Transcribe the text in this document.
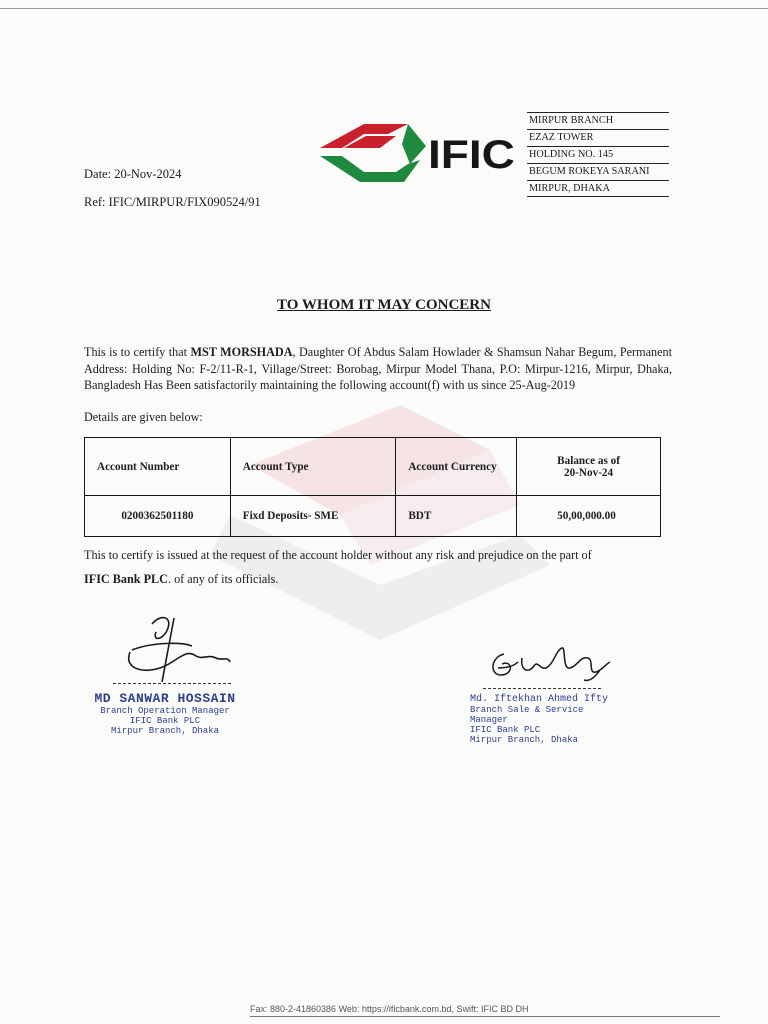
IFIC
MIRPUR BRANCH
EZAZ TOWER
HOLDING NO. 145
BEGUM ROKEYA SARANI
MIRPUR, DHAKA
Date: 20-Nov-2024
Ref: IFIC/MIRPUR/FIX090524/91
TO WHOM IT MAY CONCERN

This is to certify that MST MORSHADA, Daughter Of Abdus Salam Howlader & Shamsun Nahar Begum, Permanent Address: Holding No: F-2/11-R-1, Village/Street: Borobag, Mirpur Model Thana, P.O: Mirpur-1216, Mirpur, Dhaka, Bangladesh Has Been satisfactorily maintaining the following account(f) with us since 25-Aug-2019

Details are given below:
Account Number	Account Type	Account Currency	Balance as of
20-Nov-24
0200362501180	Fixd Deposits- SME	BDT	50,00,000.00
This to certify is issued at the request of the account holder without any risk and prejudice on the part of
IFIC Bank PLC. of any of its officials.
MD SANWAR HOSSAIN
Branch Operation Manager
IFIC Bank PLC
Mirpur Branch, Dhaka
Md. Iftekhan Ahmed Ifty
Branch Sale & Service Manager
IFIC Bank PLC
Mirpur Branch, Dhaka
Fax: 880-2-41860386 Web: https://ificbank.com.bd, Swift: IFIC BD DH
